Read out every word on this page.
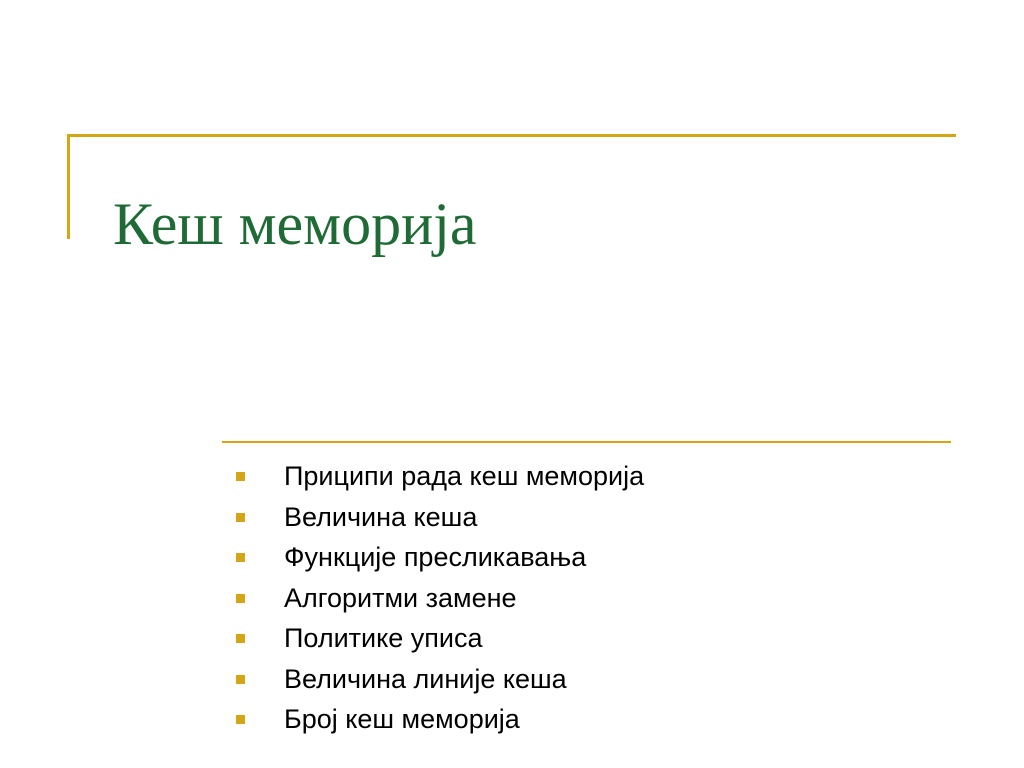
Кеш меморија
Приципи рада кеш меморија
Величина кеша
Функције пресликавања
Алгоритми замене
Политике уписа
Величина линије кеша
Број кеш меморија
